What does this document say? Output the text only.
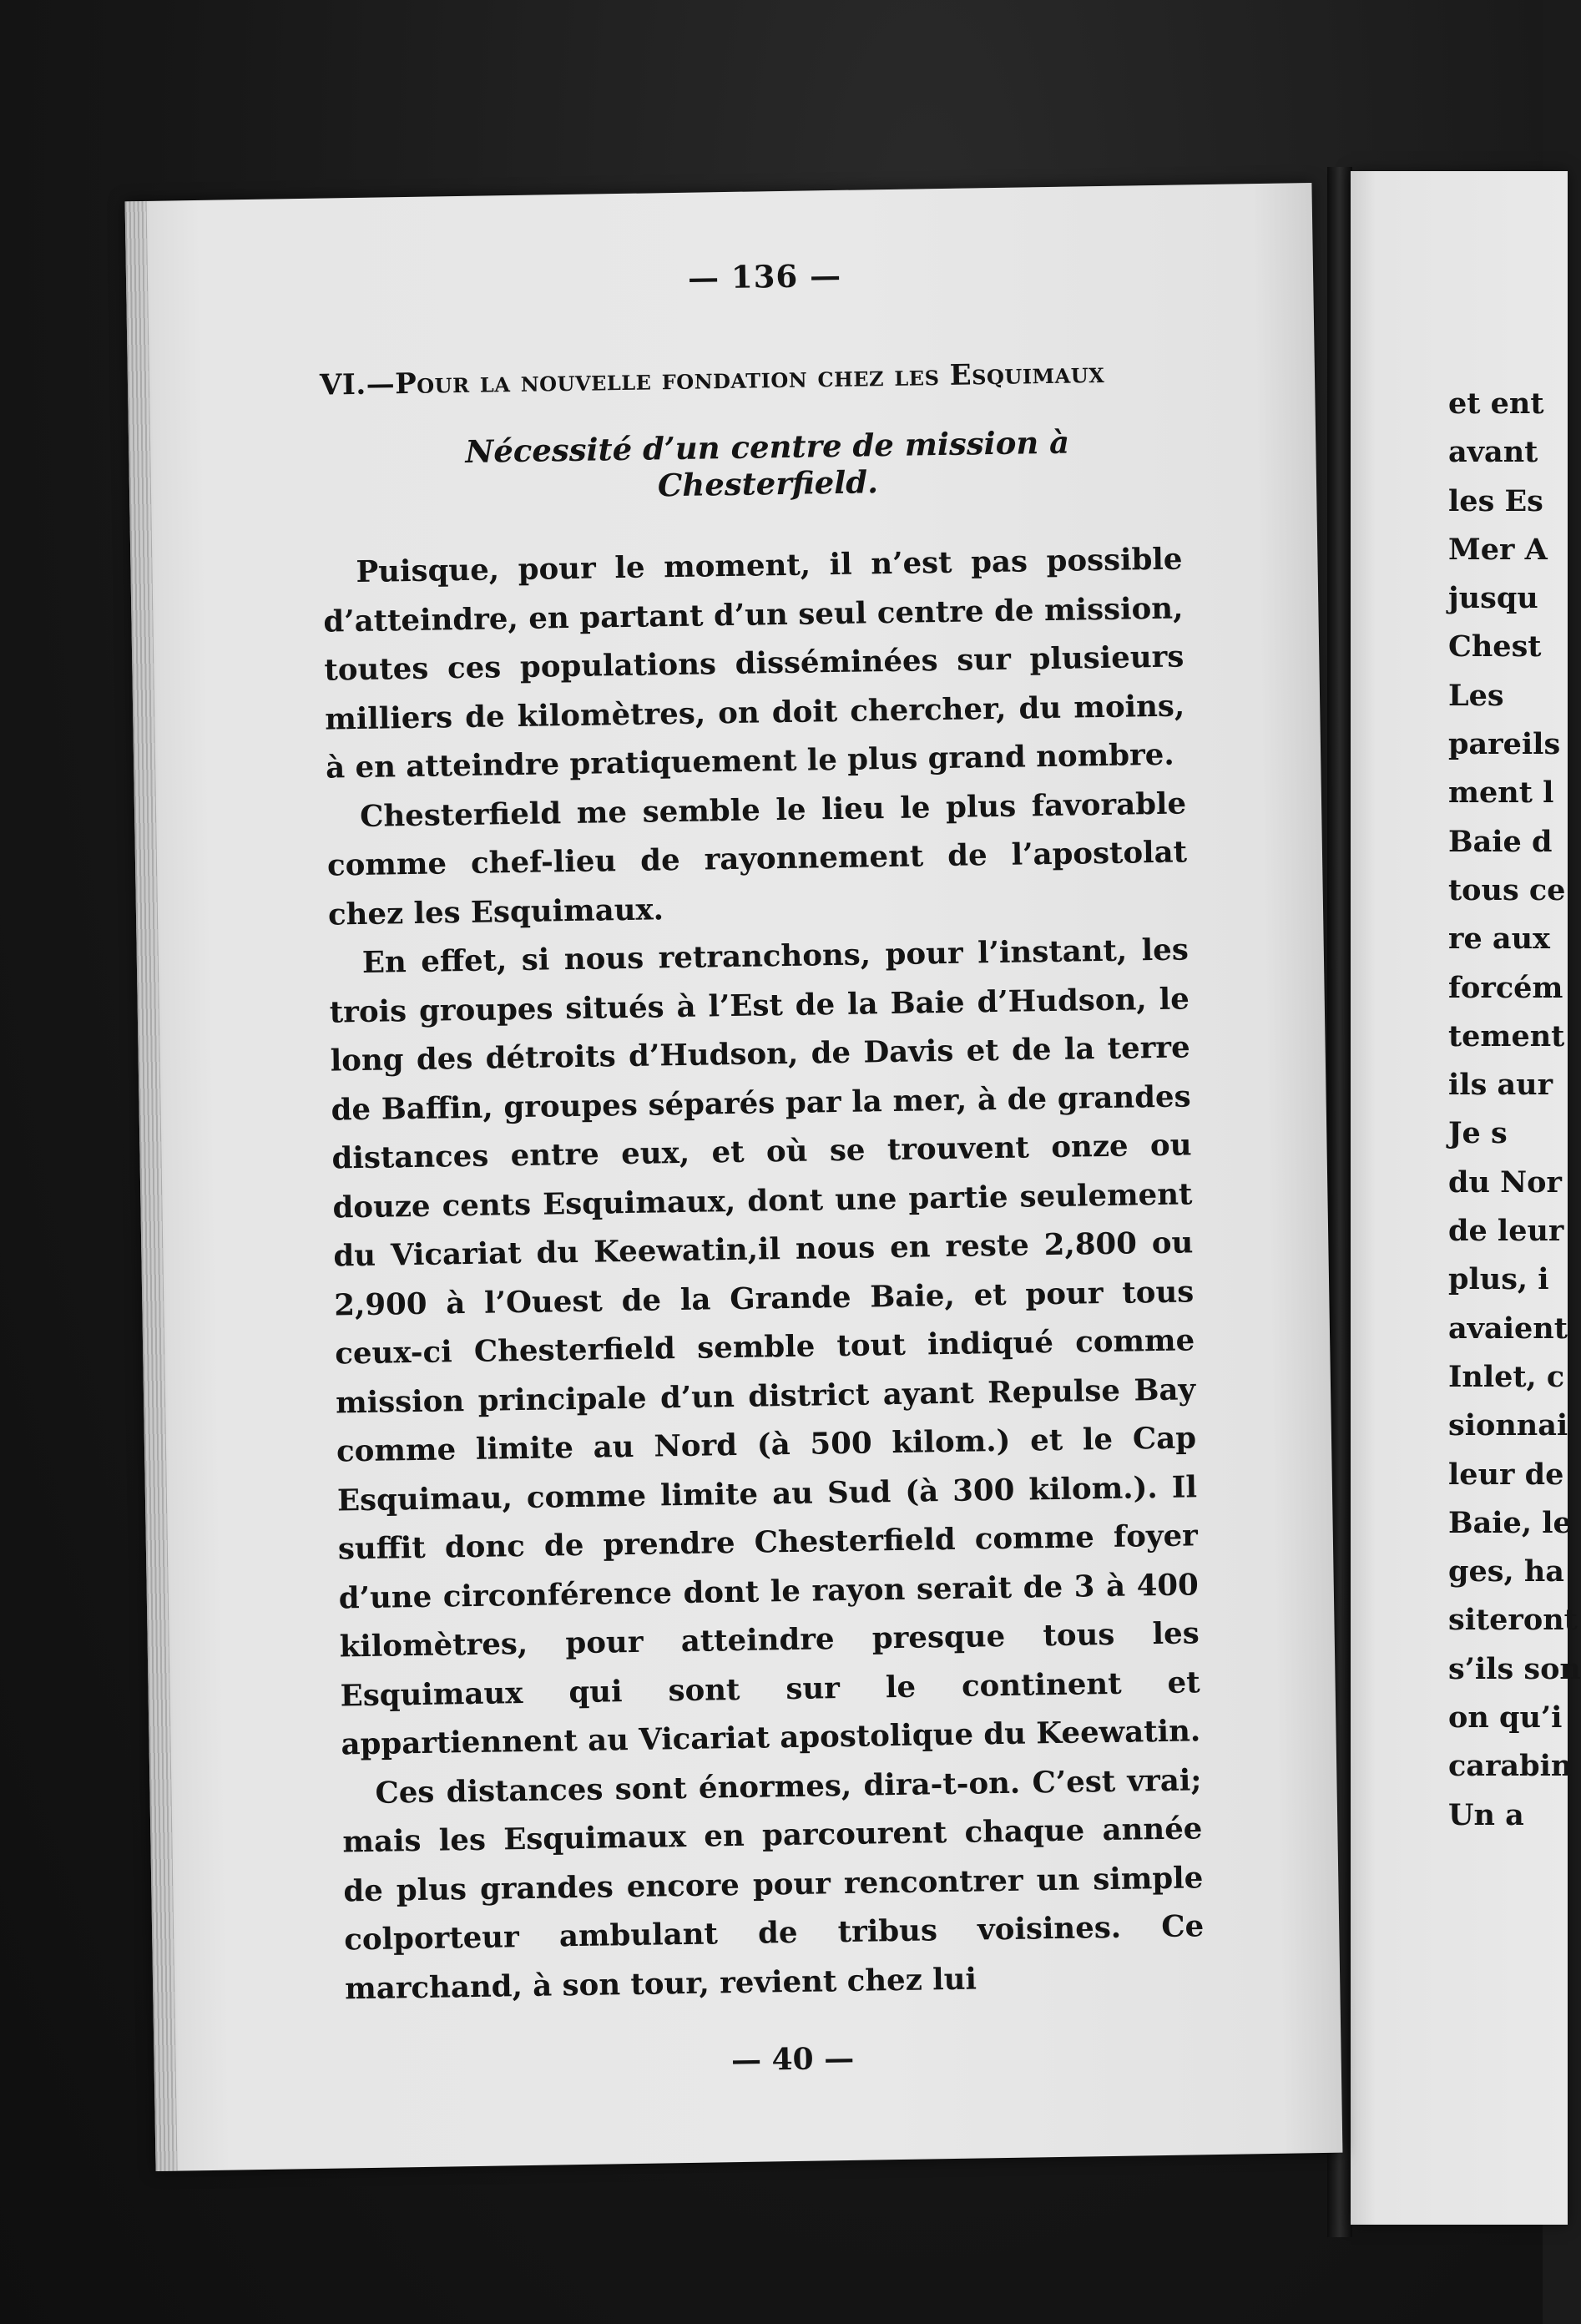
— 136 —
VI.—Pour la nouvelle fondation chez les Esquimaux
Nécessité d’un centre de mission à Chesterfield.

Puisque, pour le moment, il n’est pas possible d’atteindre, en partant d’un seul centre de mission, toutes ces populations disséminées sur plusieurs milliers de kilomètres, on doit chercher, du moins, à en atteindre pratiquement le plus grand nombre.

Chesterfield me semble le lieu le plus favorable comme chef-lieu de rayonnement de l’apostolat chez les Esquimaux.

En effet, si nous retranchons, pour l’instant, les trois groupes situés à l’Est de la Baie d’Hudson, le long des détroits d’Hudson, de Davis et de la terre de Baffin, groupes séparés par la mer, à de grandes distances entre eux, et où se trouvent onze ou douze cents Esquimaux, dont une partie seulement du Vicariat du Keewatin,il nous en reste 2,800 ou 2,900 à l’Ouest de la Grande Baie, et pour tous ceux-ci Chesterfield semble tout indiqué comme mission principale d’un district ayant Repulse Bay comme limite au Nord (à 500 kilom.) et le Cap Esquimau, comme limite au Sud (à 300 kilom.). Il suffit donc de prendre Chesterfield comme foyer d’une circonférence dont le rayon serait de 3 à 400 kilomètres, pour atteindre presque tous les Esquimaux qui sont sur le continent et appartiennent au Vicariat apostolique du Keewatin.

Ces distances sont énormes, dira-t-on. C’est vrai; mais les Esquimaux en parcourent chaque année de plus grandes encore pour rencontrer un simple colporteur ambulant de tribus voisines. Ce marchand, à son tour, revient chez lui

— 40 —
et ent
avant
les Es
Mer A
jusqu
Chest
Les
pareils
ment l
Baie d
tous ce
re aux
forcém
tement
ils aur
Je s
du Nor
de leur
plus, i
avaient
Inlet, c
sionnai
leur de
Baie, le
ges, ha
siteront
s’ils son
on qu’i
carabin
Un a
